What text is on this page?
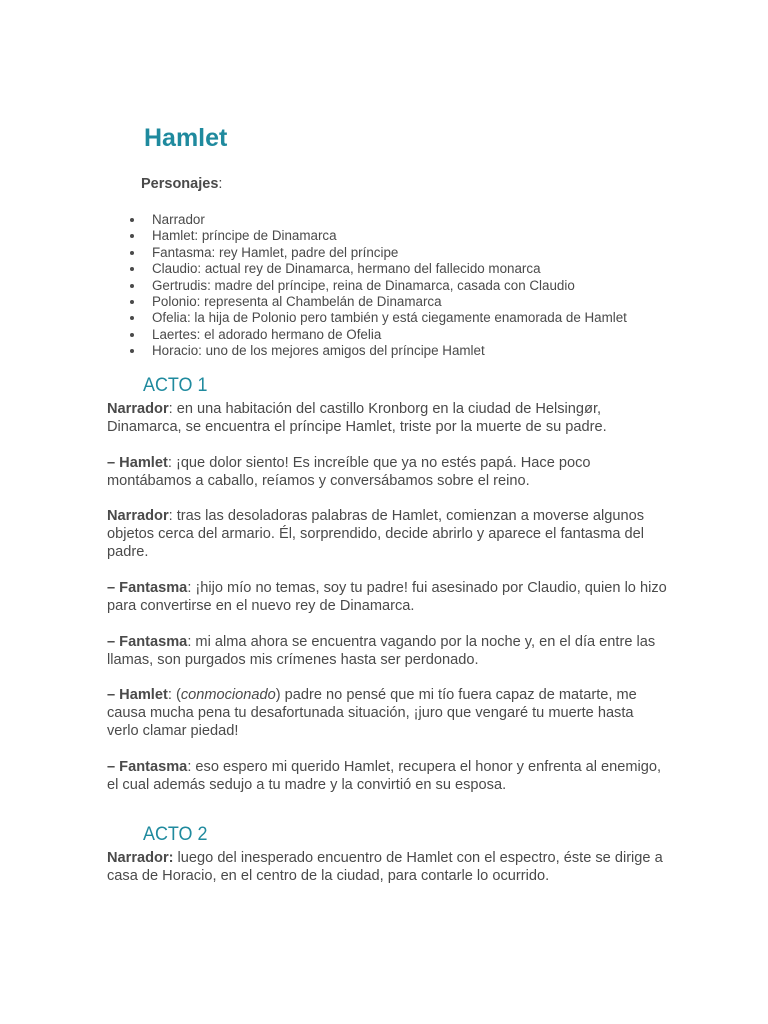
Hamlet
Personajes:
Narrador
Hamlet: príncipe de Dinamarca
Fantasma: rey Hamlet, padre del príncipe
Claudio: actual rey de Dinamarca, hermano del fallecido monarca
Gertrudis: madre del príncipe, reina de Dinamarca, casada con Claudio
Polonio: representa al Chambelán de Dinamarca
Ofelia: la hija de Polonio pero también y está ciegamente enamorada de Hamlet
Laertes: el adorado hermano de Ofelia
Horacio: uno de los mejores amigos del príncipe Hamlet
ACTO 1

Narrador: en una habitación del castillo Kronborg en la ciudad de Helsingør, Dinamarca, se encuentra el príncipe Hamlet, triste por la muerte de su padre.

– Hamlet: ¡que dolor siento! Es increíble que ya no estés papá. Hace poco montábamos a caballo, reíamos y conversábamos sobre el reino.

Narrador: tras las desoladoras palabras de Hamlet, comienzan a moverse algunos objetos cerca del armario. Él, sorprendido, decide abrirlo y aparece el fantasma del padre.

– Fantasma: ¡hijo mío no temas, soy tu padre! fui asesinado por Claudio, quien lo hizo para convertirse en el nuevo rey de Dinamarca.

– Fantasma: mi alma ahora se encuentra vagando por la noche y, en el día entre las llamas, son purgados mis crímenes hasta ser perdonado.

– Hamlet: (conmocionado) padre no pensé que mi tío fuera capaz de matarte, me causa mucha pena tu desafortunada situación, ¡juro que vengaré tu muerte hasta verlo clamar piedad!

– Fantasma: eso espero mi querido Hamlet, recupera el honor y enfrenta al enemigo, el cual además sedujo a tu madre y la convirtió en su esposa.

ACTO 2

Narrador: luego del inesperado encuentro de Hamlet con el espectro, éste se dirige a casa de Horacio, en el centro de la ciudad, para contarle lo ocurrido.
